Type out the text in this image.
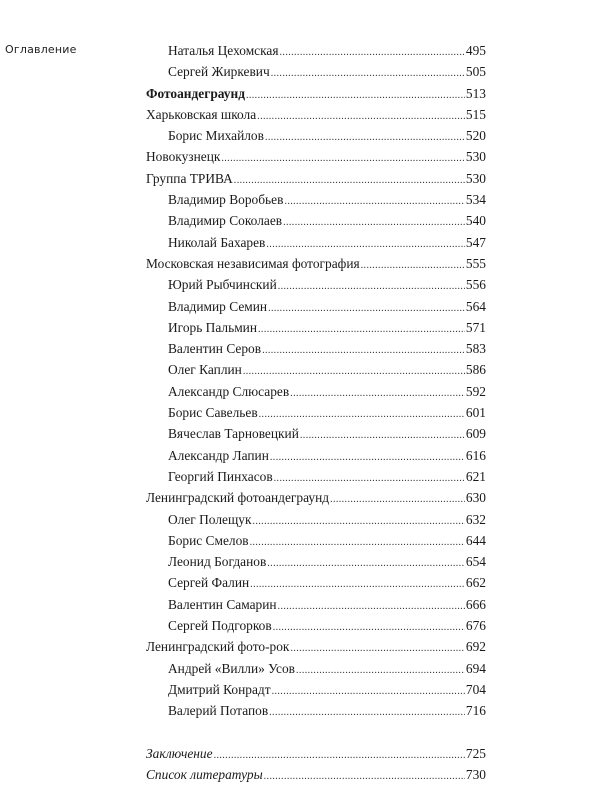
Оглавление	Наталья Цехомская .....	495
Сергей Жиркевич .....	505
Фотоандеграунд .....	513
Харьковская школа .....	515
Борис Михайлов .....	520
Новокузнецк .....	530
Группа ТРИВА .....	530
Владимир Воробьев .....	534
Владимир Соколаев .....	540
Николай Бахарев .....	547
Московская независимая фотография .....	555
Юрий Рыбчинский .....	556
Владимир Семин .....	564
Игорь Пальмин .....	571
Валентин Серов .....	583
Олег Каплин .....	586
Александр Слюсарев .....	592
Борис Савельев .....	601
Вячеслав Тарновецкий .....	609
Александр Лапин .....	616
Георгий Пинхасов .....	621
Ленинградский фотоандеграунд .....	630
Олег Полещук .....	632
Борис Смелов .....	644
Леонид Богданов .....	654
Сергей Фалин .....	662
Валентин Самарин .....	666
Сергей Подгорков .....	676
Ленинградский фото-рок .....	692
Андрей «Вилли» Усов .....	694
Дмитрий Конрадт .....	704
Валерий Потапов .....	716
Заключение .....	725
Список литературы .....	730
